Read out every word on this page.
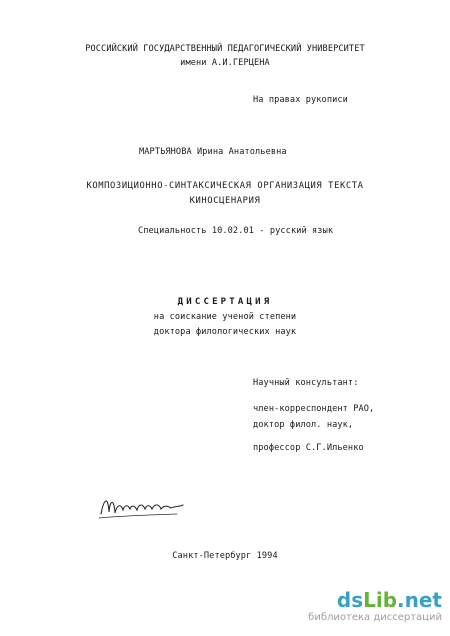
РОССИЙСКИЙ ГОСУДАРСТВЕННЫЙ ПЕДАГОГИЧЕСКИЙ УНИВЕРСИТЕТ
имени А.И.ГЕРЦЕНА
На правах рукописи
МАРТЬЯНОВА Ирина Анатольевна
КОМПОЗИЦИОННО-СИНТАКСИЧЕСКАЯ ОРГАНИЗАЦИЯ ТЕКСТА
КИНОСЦЕНАРИЯ
Специальность 10.02.01 - русский язык
ДИССЕРТАЦИЯ
на соискание ученой степени
доктора филологических наук
Научный консультант:
член-корреспондент РАО,
доктор филол. наук,
профессор С.Г.Ильенко
Санкт-Петербург 1994
dsLib.net
библиотека диссертаций
